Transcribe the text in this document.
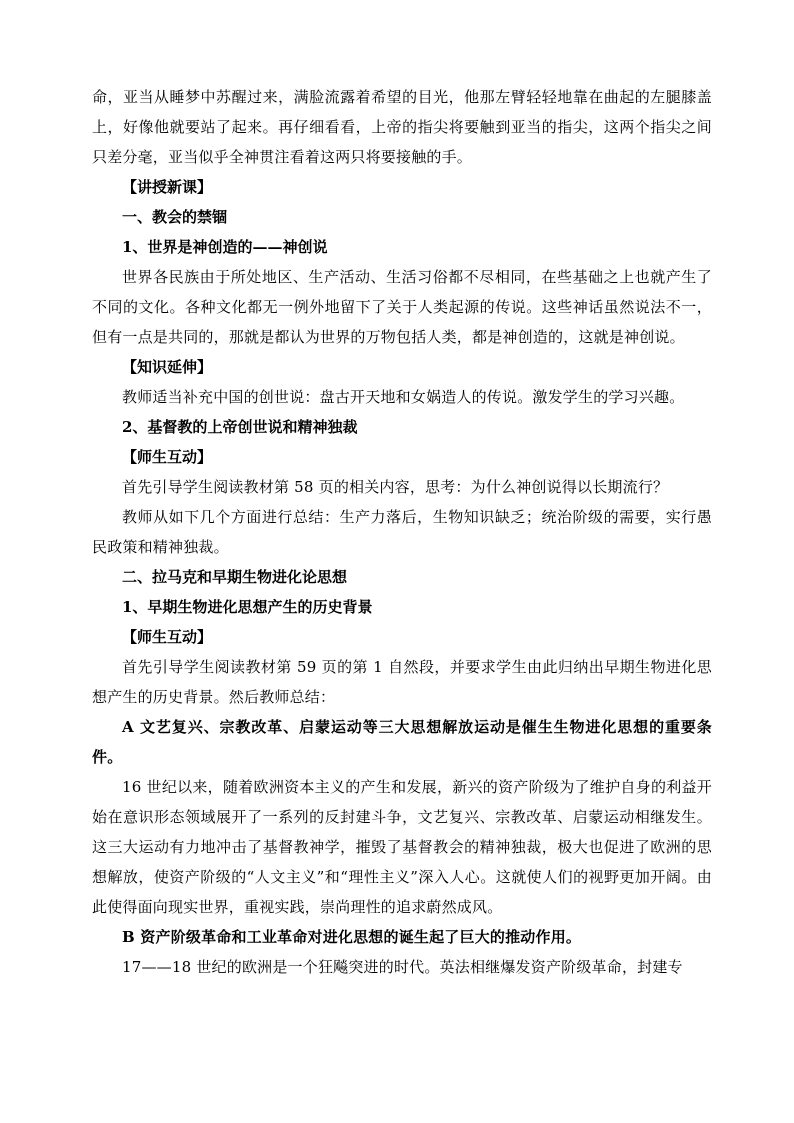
命，亚当从睡梦中苏醒过来，满脸流露着希望的目光，他那左臂轻轻地靠在曲起的左腿膝盖上，好像他就要站了起来。再仔细看看，上帝的指尖将要触到亚当的指尖，这两个指尖之间只差分毫，亚当似乎全神贯注看着这两只将要接触的手。

【讲授新课】

一、教会的禁锢

1、世界是神创造的——神创说

世界各民族由于所处地区、生产活动、生活习俗都不尽相同，在些基础之上也就产生了不同的文化。各种文化都无一例外地留下了关于人类起源的传说。这些神话虽然说法不一，但有一点是共同的，那就是都认为世界的万物包括人类，都是神创造的，这就是神创说。

【知识延伸】

教师适当补充中国的创世说：盘古开天地和女娲造人的传说。激发学生的学习兴趣。

2、基督教的上帝创世说和精神独裁

【师生互动】

首先引导学生阅读教材第 58 页的相关内容，思考：为什么神创说得以长期流行？

教师从如下几个方面进行总结：生产力落后，生物知识缺乏；统治阶级的需要，实行愚民政策和精神独裁。

二、拉马克和早期生物进化论思想

1、早期生物进化思想产生的历史背景

【师生互动】

首先引导学生阅读教材第 59 页的第 1 自然段，并要求学生由此归纳出早期生物进化思想产生的历史背景。然后教师总结：

A 文艺复兴、宗教改革、启蒙运动等三大思想解放运动是催生生物进化思想的重要条件。

16 世纪以来，随着欧洲资本主义的产生和发展，新兴的资产阶级为了维护自身的利益开始在意识形态领域展开了一系列的反封建斗争，文艺复兴、宗教改革、启蒙运动相继发生。这三大运动有力地冲击了基督教神学，摧毁了基督教会的精神独裁，极大也促进了欧洲的思想解放，使资产阶级的“人文主义”和“理性主义”深入人心。这就使人们的视野更加开阔。由此使得面向现实世界，重视实践，崇尚理性的追求蔚然成风。

B 资产阶级革命和工业革命对进化思想的诞生起了巨大的推动作用。

17——18 世纪的欧洲是一个狂飚突进的时代。英法相继爆发资产阶级革命，封建专
